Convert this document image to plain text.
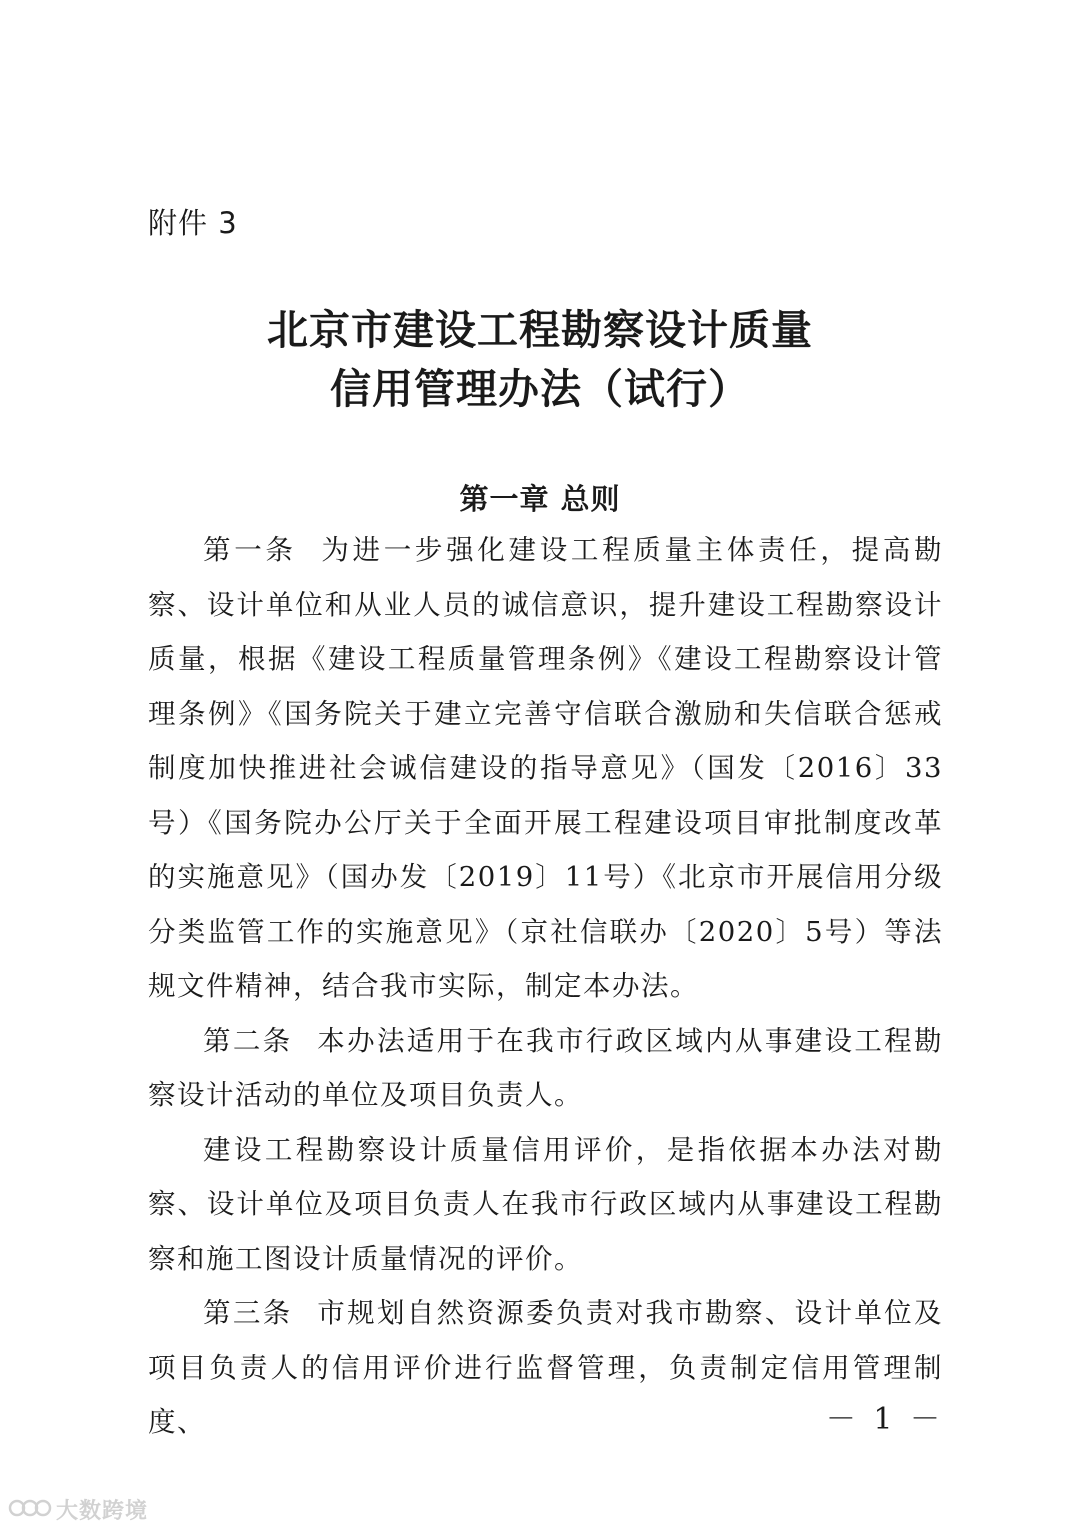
附件 3
北京市建设工程勘察设计质量
信用管理办法（试行）
第一章 总则

第一条 为进一步强化建设工程质量主体责任，提高勘察、设计单位和从业人员的诚信意识，提升建设工程勘察设计质量，根据《建设工程质量管理条例》《建设工程勘察设计管理条例》《国务院关于建立完善守信联合激励和失信联合惩戒制度加快推进社会诚信建设的指导意见》（国发〔2016〕33号）《国务院办公厅关于全面开展工程建设项目审批制度改革的实施意见》（国办发〔2019〕11号）《北京市开展信用分级分类监管工作的实施意见》（京社信联办〔2020〕5号）等法规文件精神，结合我市实际，制定本办法。

第二条 本办法适用于在我市行政区域内从事建设工程勘察设计活动的单位及项目负责人。

建设工程勘察设计质量信用评价，是指依据本办法对勘察、设计单位及项目负责人在我市行政区域内从事建设工程勘察和施工图设计质量情况的评价。

第三条 市规划自然资源委负责对我市勘察、设计单位及项目负责人的信用评价进行监督管理，负责制定信用管理制度、	－ 1 －
大数跨境
